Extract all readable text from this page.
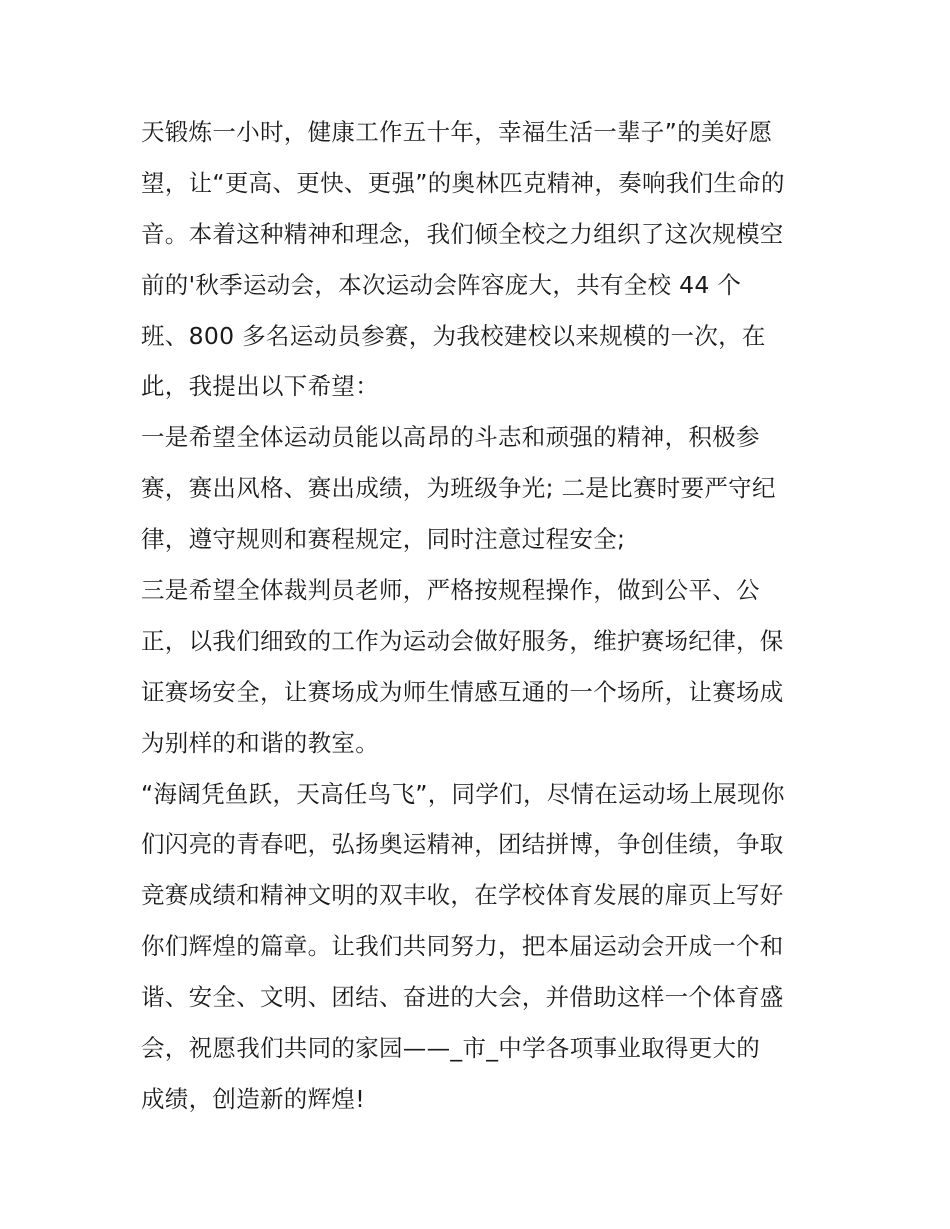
天锻炼一小时，健康工作五十年，幸福生活一辈子”的美好愿
望，让“更高、更快、更强”的奥林匹克精神，奏响我们生命的
音。本着这种精神和理念，我们倾全校之力组织了这次规模空
前的'秋季运动会，本次运动会阵容庞大，共有全校 44 个
班、800 多名运动员参赛，为我校建校以来规模的一次，在
此，我提出以下希望：
一是希望全体运动员能以高昂的斗志和顽强的精神，积极参
赛，赛出风格、赛出成绩，为班级争光; 二是比赛时要严守纪
律，遵守规则和赛程规定，同时注意过程安全;
三是希望全体裁判员老师，严格按规程操作，做到公平、公
正，以我们细致的工作为运动会做好服务，维护赛场纪律，保
证赛场安全，让赛场成为师生情感互通的一个场所，让赛场成
为别样的和谐的教室。
“海阔凭鱼跃，天高任鸟飞”，同学们，尽情在运动场上展现你
们闪亮的青春吧，弘扬奥运精神，团结拼博，争创佳绩，争取
竞赛成绩和精神文明的双丰收，在学校体育发展的扉页上写好
你们辉煌的篇章。让我们共同努力，把本届运动会开成一个和
谐、安全、文明、团结、奋进的大会，并借助这样一个体育盛
会，祝愿我们共同的家园——_市_中学各项事业取得更大的
成绩，创造新的辉煌!
